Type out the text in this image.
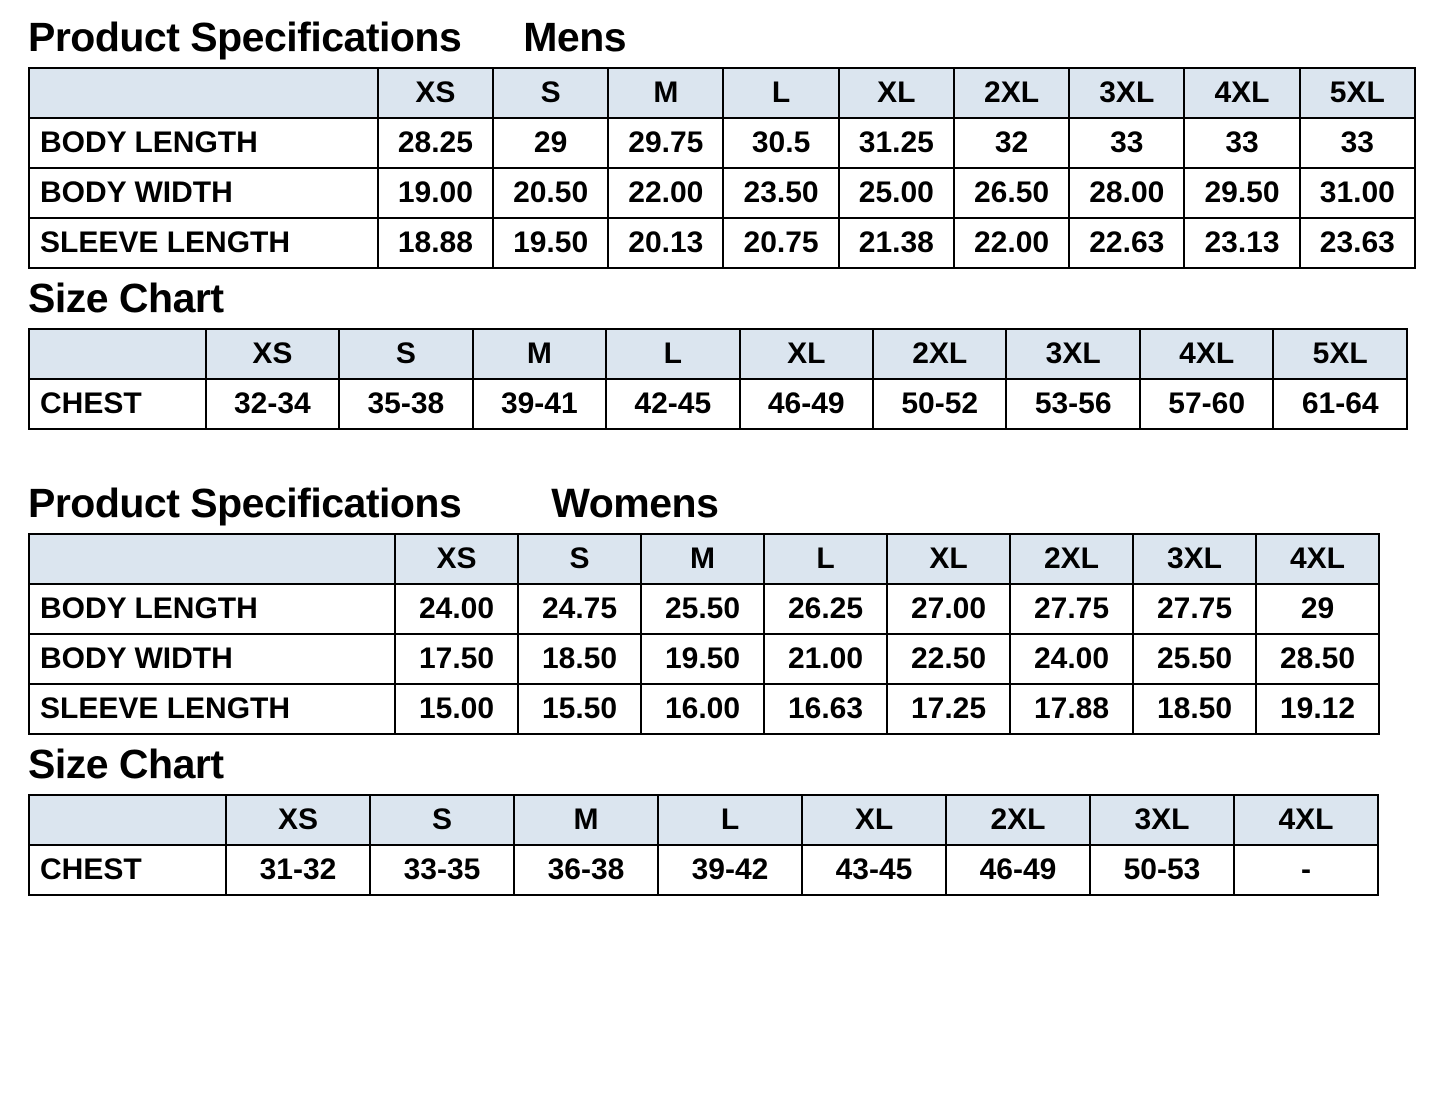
Product Specifications Mens
	XS	S	M	L	XL	2XL	3XL	4XL	5XL
BODY LENGTH	28.25	29	29.75	30.5	31.25	32	33	33	33
BODY WIDTH	19.00	20.50	22.00	23.50	25.00	26.50	28.00	29.50	31.00
SLEEVE LENGTH	18.88	19.50	20.13	20.75	21.38	22.00	22.63	23.13	23.63
Size Chart
	XS	S	M	L	XL	2XL	3XL	4XL	5XL
CHEST	32-34	35-38	39-41	42-45	46-49	50-52	53-56	57-60	61-64
Product Specifications Womens
	XS	S	M	L	XL	2XL	3XL	4XL
BODY LENGTH	24.00	24.75	25.50	26.25	27.00	27.75	27.75	29
BODY WIDTH	17.50	18.50	19.50	21.00	22.50	24.00	25.50	28.50
SLEEVE LENGTH	15.00	15.50	16.00	16.63	17.25	17.88	18.50	19.12
Size Chart
	XS	S	M	L	XL	2XL	3XL	4XL
CHEST	31-32	33-35	36-38	39-42	43-45	46-49	50-53	-
